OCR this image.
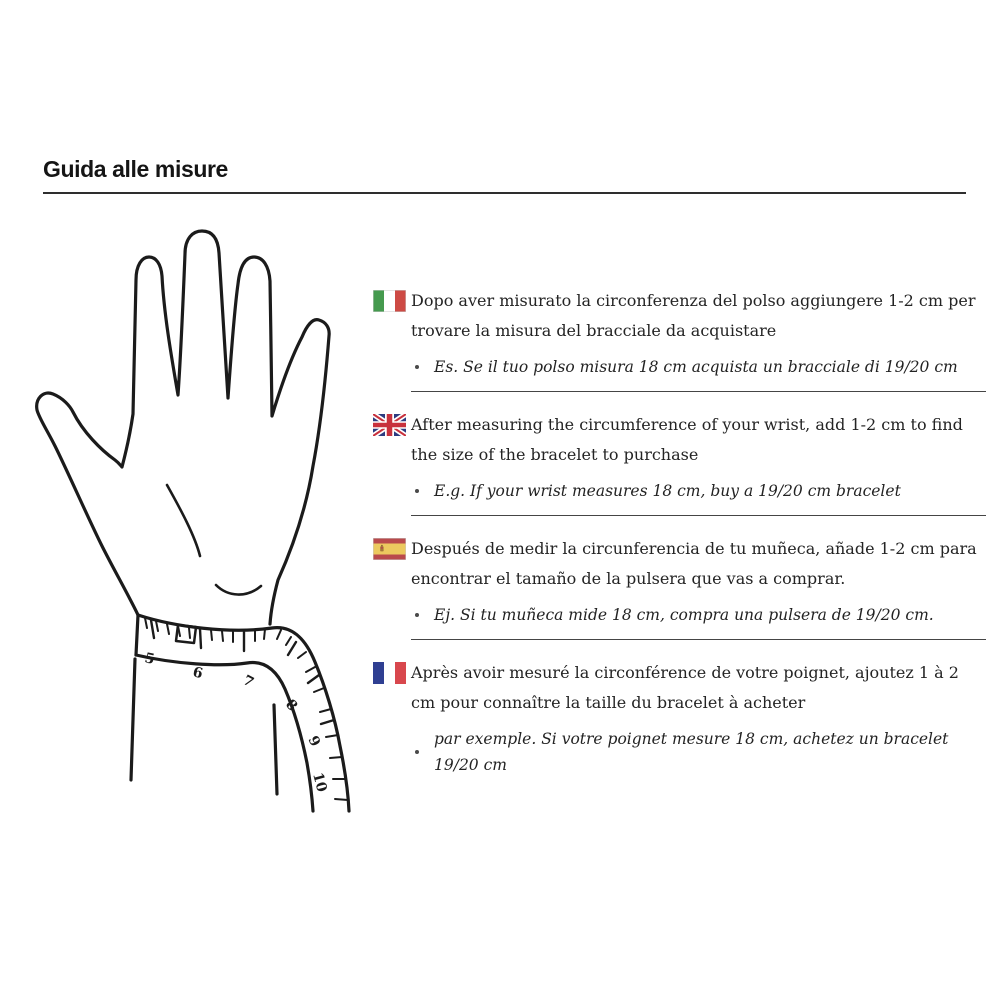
Guida alle misure
5
6	7
8
9
10
Dopo aver misurato la circonferenza del polso aggiungere 1-2 cm per trovare la misura del bracciale da acquistare
Es. Se il tuo polso misura 18 cm acquista un bracciale di 19/20 cm
After measuring the circumference of your wrist, add 1-2 cm to find the size of the bracelet to purchase
E.g. If your wrist measures 18 cm, buy a 19/20 cm bracelet
Después de medir la circunferencia de tu muñeca, añade 1-2 cm para encontrar el tamaño de la pulsera que vas a comprar.
Ej. Si tu muñeca mide 18 cm, compra una pulsera de 19/20 cm.
Après avoir mesuré la circonférence de votre poignet, ajoutez 1 à 2 cm pour connaître la taille du bracelet à acheter
par exemple. Si votre poignet mesure 18 cm, achetez un bracelet 19/20 cm
